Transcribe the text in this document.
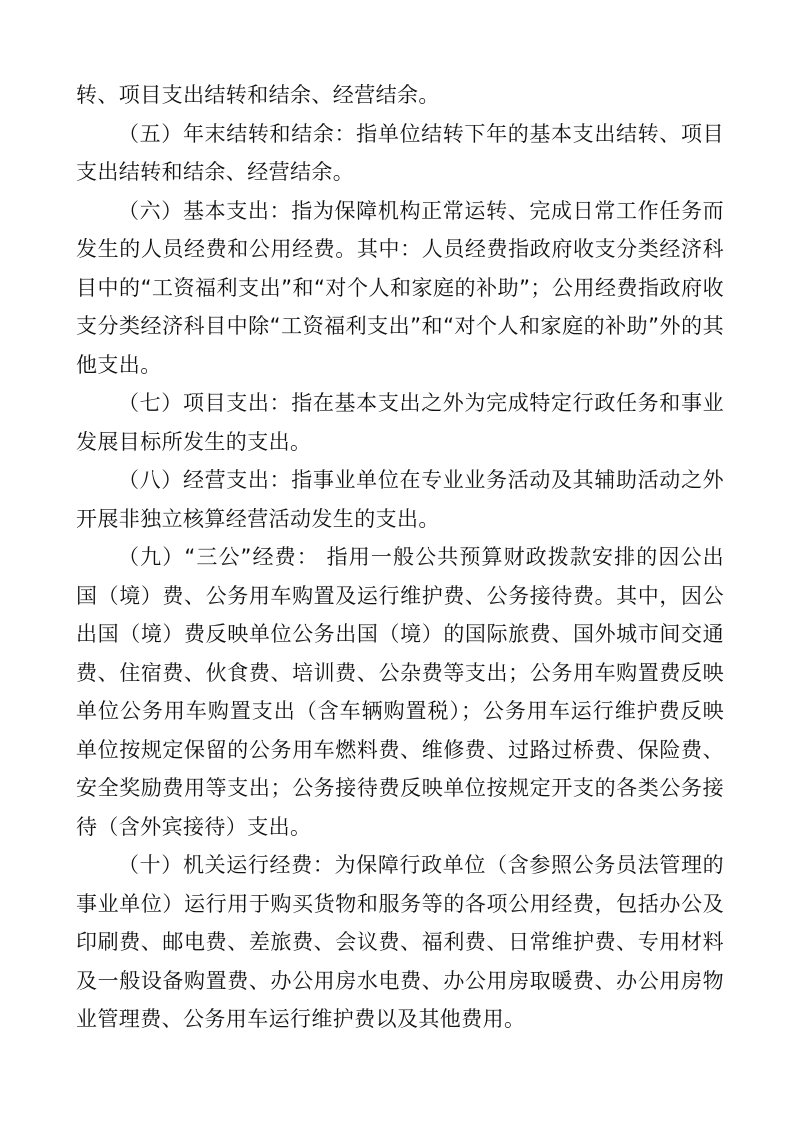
转、项目支出结转和结余、经营结余。

（五）年末结转和结余：指单位结转下年的基本支出结转、项目支出结转和结余、经营结余。

（六）基本支出：指为保障机构正常运转、完成日常工作任务而发生的人员经费和公用经费。其中：人员经费指政府收支分类经济科目中的“工资福利支出”和“对个人和家庭的补助”；公用经费指政府收支分类经济科目中除“工资福利支出”和“对个人和家庭的补助”外的其他支出。

（七）项目支出：指在基本支出之外为完成特定行政任务和事业发展目标所发生的支出。

（八）经营支出：指事业单位在专业业务活动及其辅助活动之外开展非独立核算经营活动发生的支出。

（九）“三公”经费： 指用一般公共预算财政拨款安排的因公出国（境）费、公务用车购置及运行维护费、公务接待费。其中，因公出国（境）费反映单位公务出国（境）的国际旅费、国外城市间交通费、住宿费、伙食费、培训费、公杂费等支出；公务用车购置费反映单位公务用车购置支出（含车辆购置税）；公务用车运行维护费反映单位按规定保留的公务用车燃料费、维修费、过路过桥费、保险费、安全奖励费用等支出；公务接待费反映单位按规定开支的各类公务接待（含外宾接待）支出。

（十）机关运行经费：为保障行政单位（含参照公务员法管理的事业单位）运行用于购买货物和服务等的各项公用经费，包括办公及印刷费、邮电费、差旅费、会议费、福利费、日常维护费、专用材料及一般设备购置费、办公用房水电费、办公用房取暖费、办公用房物业管理费、公务用车运行维护费以及其他费用。
